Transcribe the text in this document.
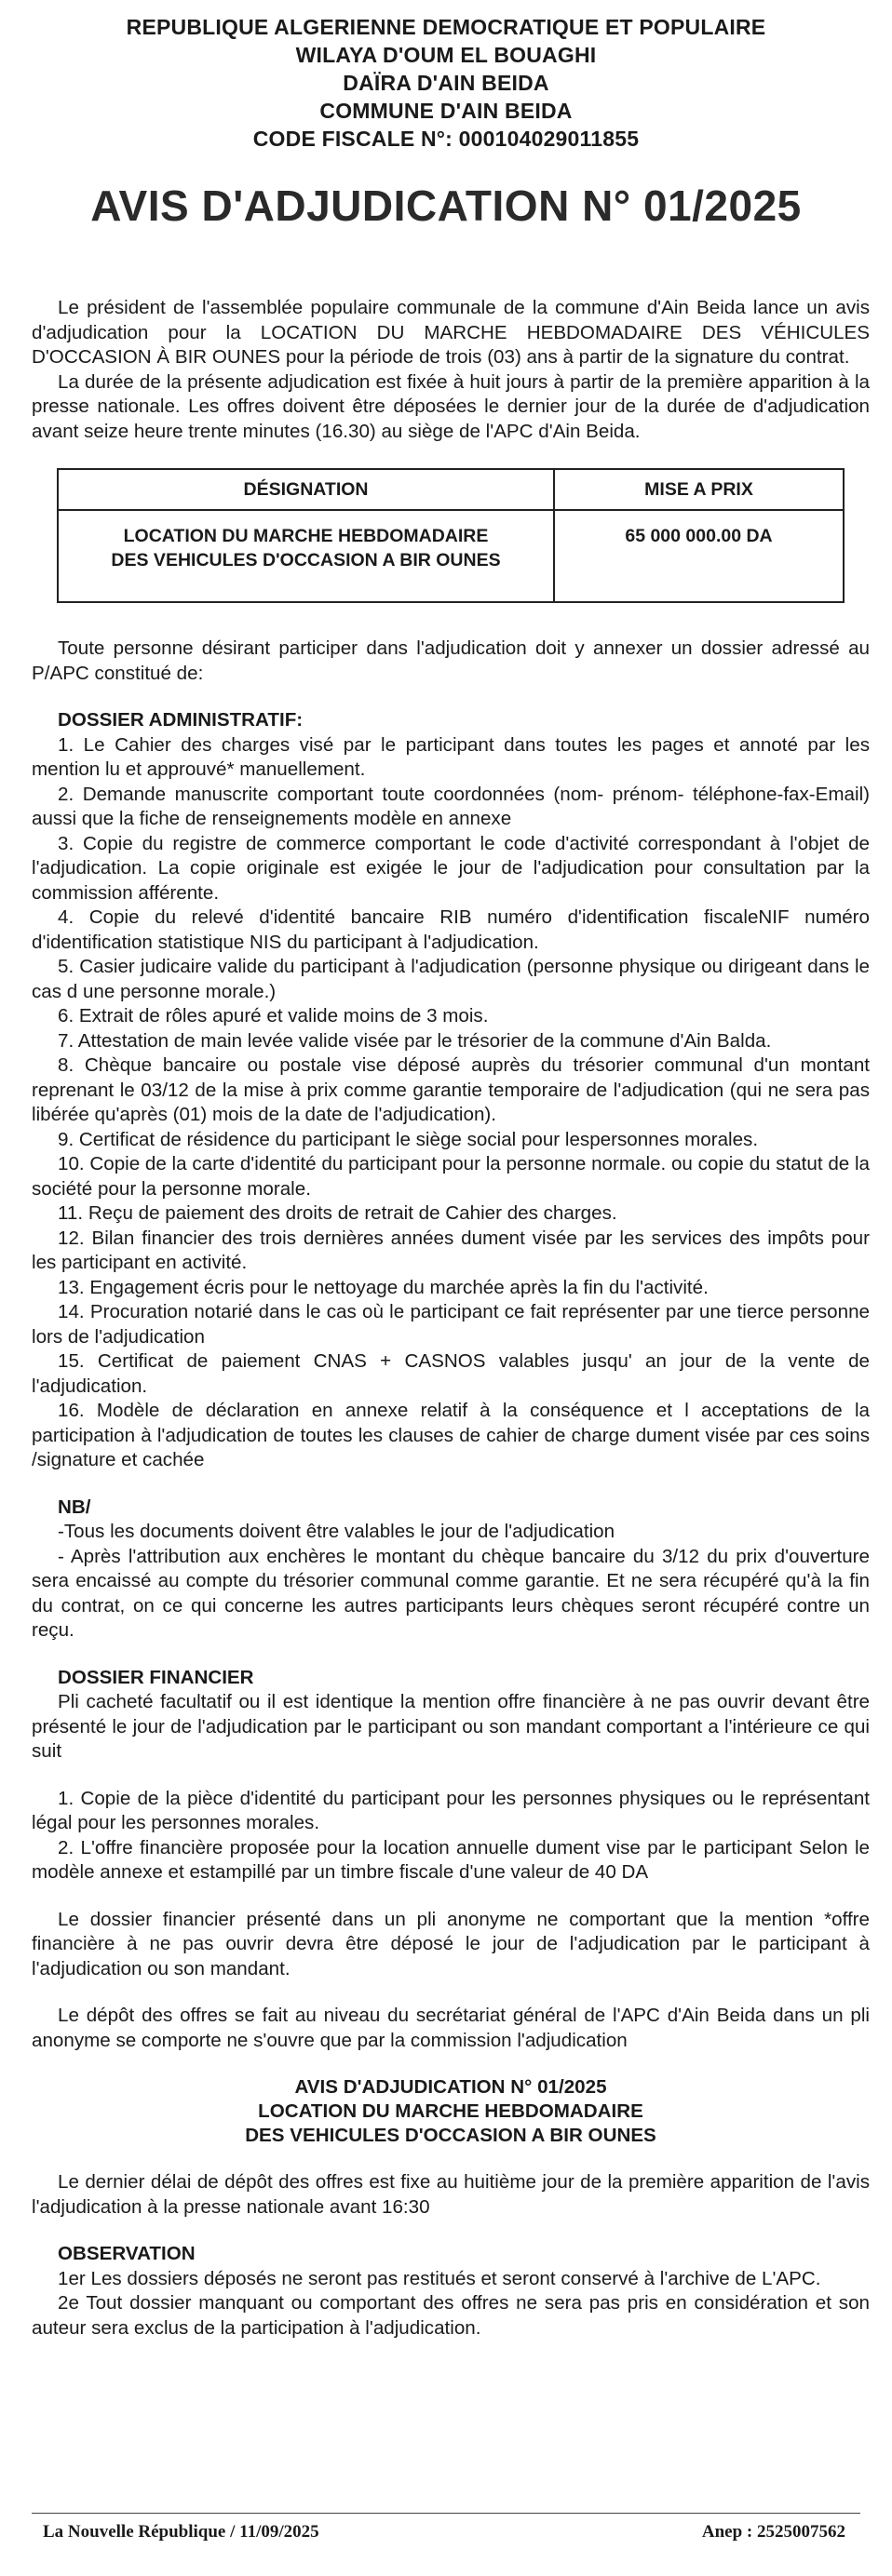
REPUBLIQUE ALGERIENNE DEMOCRATIQUE ET POPULAIRE
WILAYA D'OUM EL BOUAGHI
DAÏRA D'AIN BEIDA
COMMUNE D'AIN BEIDA
CODE FISCALE N°: 000104029011855
AVIS D'ADJUDICATION N° 01/2025

Le président de l'assemblée populaire communale de la commune d'Ain Beida lance un avis d'adjudication pour la LOCATION DU MARCHE HEBDOMADAIRE DES VÉHICULES D'OCCASION À BIR OUNES pour la période de trois (03) ans à partir de la signature du contrat.

La durée de la présente adjudication est fixée à huit jours à partir de la première apparition à la presse nationale. Les offres doivent être déposées le dernier jour de la durée de d'adjudication avant seize heure trente minutes (16.30) au siège de l'APC d'Ain Beida.

DÉSIGNATION	MISE A PRIX

LOCATION DU MARCHE HEBDOMADAIRE
DES VEHICULES D'OCCASION A BIR OUNES	65 000 000.00 DA

Toute personne désirant participer dans l'adjudication doit y annexer un dossier adressé au P/APC constitué de:

DOSSIER ADMINISTRATIF:

1. Le Cahier des charges visé par le participant dans toutes les pages et annoté par les mention lu et approuvé* manuellement.

2. Demande manuscrite comportant toute coordonnées (nom- prénom- téléphone-fax-Email) aussi que la fiche de renseignements modèle en annexe

3. Copie du registre de commerce comportant le code d'activité correspondant à l'objet de l'adjudication. La copie originale est exigée le jour de l'adjudication pour consultation par la commission afférente.

4. Copie du relevé d'identité bancaire RIB numéro d'identification fiscaleNIF numéro d'identification statistique NIS du participant à l'adjudication.

5. Casier judicaire valide du participant à l'adjudication (personne physique ou dirigeant dans le cas d une personne morale.)

6. Extrait de rôles apuré et valide moins de 3 mois.

7. Attestation de main levée valide visée par le trésorier de la commune d'Ain Balda.

8. Chèque bancaire ou postale vise déposé auprès du trésorier communal d'un montant reprenant le 03/12 de la mise à prix comme garantie temporaire de l'adjudication (qui ne sera pas libérée qu'après (01) mois de la date de l'adjudication).

9. Certificat de résidence du participant le siège social pour lespersonnes morales.

10. Copie de la carte d'identité du participant pour la personne normale. ou copie du statut de la société pour la personne morale.

11. Reçu de paiement des droits de retrait de Cahier des charges.

12. Bilan financier des trois dernières années dument visée par les services des impôts pour les participant en activité.

13. Engagement écris pour le nettoyage du marchée après la fin du l'activité.

14. Procuration notarié dans le cas où le participant ce fait représenter par une tierce personne lors de l'adjudication

15. Certificat de paiement CNAS + CASNOS valables jusqu' an jour de la vente de l'adjudication.

16. Modèle de déclaration en annexe relatif à la conséquence et l acceptations de la participation à l'adjudication de toutes les clauses de cahier de charge dument visée par ces soins /signature et cachée

NB/

-Tous les documents doivent être valables le jour de l'adjudication

- Après l'attribution aux enchères le montant du chèque bancaire du 3/12 du prix d'ouverture sera encaissé au compte du trésorier communal comme garantie. Et ne sera récupéré qu'à la fin du contrat, on ce qui concerne les autres participants leurs chèques seront récupéré contre un reçu.

DOSSIER FINANCIER

Pli cacheté facultatif ou il est identique la mention offre financière à ne pas ouvrir devant être présenté le jour de l'adjudication par le participant ou son mandant comportant a l'intérieure ce qui suit

1. Copie de la pièce d'identité du participant pour les personnes physiques ou le représentant légal pour les personnes morales.

2. L'offre financière proposée pour la location annuelle dument vise par le participant Selon le modèle annexe et estampillé par un timbre fiscale d'une valeur de 40 DA

Le dossier financier présenté dans un pli anonyme ne comportant que la mention *offre financière à ne pas ouvrir devra être déposé le jour de l'adjudication par le participant à l'adjudication ou son mandant.

Le dépôt des offres se fait au niveau du secrétariat général de l'APC d'Ain Beida dans un pli anonyme se comporte ne s'ouvre que par la commission l'adjudication

AVIS D'ADJUDICATION N° 01/2025
LOCATION DU MARCHE HEBDOMADAIRE
DES VEHICULES D'OCCASION A BIR OUNES

Le dernier délai de dépôt des offres est fixe au huitième jour de la première apparition de l'avis l'adjudication à la presse nationale avant 16:30

OBSERVATION

1er Les dossiers déposés ne seront pas restitués et seront conservé à l'archive de L'APC.

2e Tout dossier manquant ou comportant des offres ne sera pas pris en considération et son auteur sera exclus de la participation à l'adjudication.

La Nouvelle République / 11/09/2025	Anep : 2525007562
